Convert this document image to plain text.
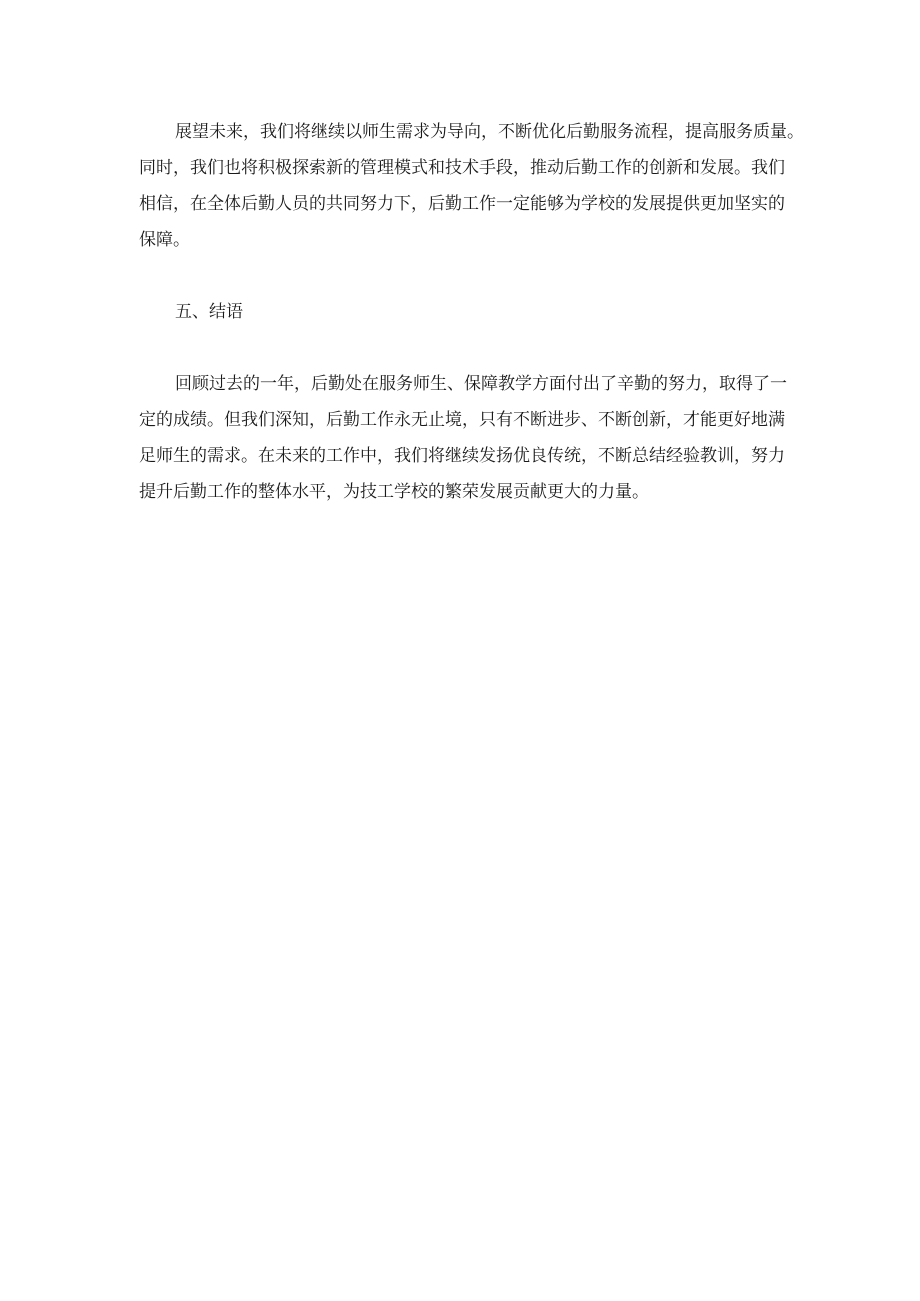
展望未来，我们将继续以师生需求为导向，不断优化后勤服务流程，提高服务质量。
同时，我们也将积极探索新的管理模式和技术手段，推动后勤工作的创新和发展。我们
相信，在全体后勤人员的共同努力下，后勤工作一定能够为学校的发展提供更加坚实的
保障。
五、结语
回顾过去的一年，后勤处在服务师生、保障教学方面付出了辛勤的努力，取得了一
定的成绩。但我们深知，后勤工作永无止境，只有不断进步、不断创新，才能更好地满
足师生的需求。在未来的工作中，我们将继续发扬优良传统，不断总结经验教训，努力
提升后勤工作的整体水平，为技工学校的繁荣发展贡献更大的力量。
